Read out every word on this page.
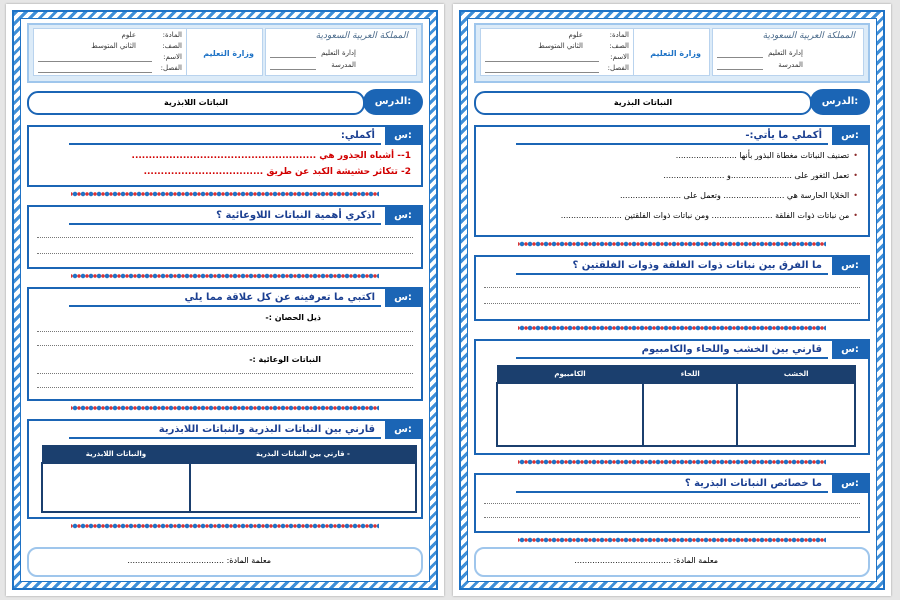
المملكة العربية السعودية
إدارة التعليم
المدرسة
وزارة التعليم
المادة:
علوم
الصف:
الثاني المتوسط
الاسم:
الفصل:
الدرس:
النباتات اللابذرية
س:
أكملي:
1-- أشباه الجذور هي ......................................................
2- تتكاثر حشيشة الكبد عن طريق ...................................
س:
اذكري أهمية النباتات اللاوعائية ؟
س:
اكتبي ما تعرفينه عن كل علاقة مما يلي
ذيل الحصان :-
النباتات الوعائية :-
س:
قارني بين النباتات البذرية والنباتات اللابذرية
- قارني بين النباتات البذرية	والنباتات اللابذرية

معلمة المادة: ......................................
المملكة العربية السعودية
إدارة التعليم
المدرسة
وزارة التعليم
المادة:
علوم
الصف:
الثاني المتوسط
الاسم:
الفصل:
الدرس:
النباتات البذرية
س:
أكملي ما يأتي:-
• تصنيف النباتات مغطاة البذور بأنها ........................
• تعمل الثغور على ........................و ........................
• الخلايا الحارسة هي ........................ وتعمل على ........................
• من نباتات ذوات الفلقة ........................ ومن نباتات ذوات الفلقتين ........................
س:
ما الفرق بين نباتات ذوات الفلقة وذوات الفلقتين ؟
س:
قارني بين الخشب واللحاء والكامبيوم
الخشب	اللحاء	الكامبيوم

س:
ما خصائص النباتات البذرية ؟
معلمة المادة: ......................................
